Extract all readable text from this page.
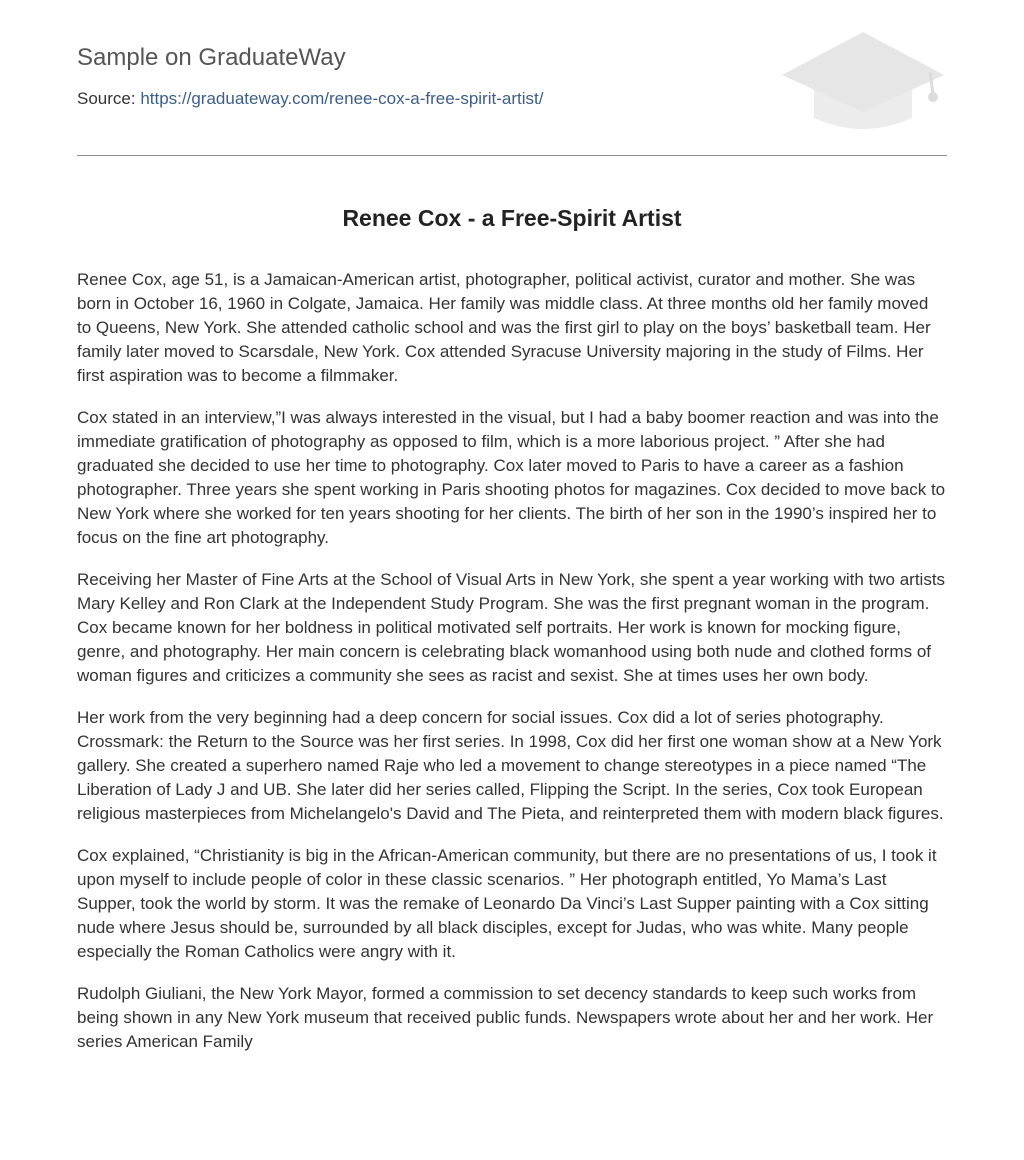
Sample on GraduateWay
Source: https://graduateway.com/renee-cox-a-free-spirit-artist/
Renee Cox - a Free-Spirit Artist

Renee Cox, age 51, is a Jamaican-American artist, photographer, political activist, curator and mother. She was born in October 16, 1960 in Colgate, Jamaica. Her family was middle class. At three months old her family moved to Queens, New York. She attended catholic school and was the first girl to play on the boys’ basketball team. Her family later moved to Scarsdale, New York. Cox attended Syracuse University majoring in the study of Films. Her first aspiration was to become a filmmaker.

Cox stated in an interview,”I was always interested in the visual, but I had a baby boomer reaction and was into the immediate gratification of photography as opposed to film, which is a more laborious project. ” After she had graduated she decided to use her time to photography. Cox later moved to Paris to have a career as a fashion photographer. Three years she spent working in Paris shooting photos for magazines. Cox decided to move back to New York where she worked for ten years shooting for her clients. The birth of her son in the 1990’s inspired her to focus on the fine art photography.

Receiving her Master of Fine Arts at the School of Visual Arts in New York, she spent a year working with two artists Mary Kelley and Ron Clark at the Independent Study Program. She was the first pregnant woman in the program. Cox became known for her boldness in political motivated self portraits. Her work is known for mocking figure, genre, and photography. Her main concern is celebrating black womanhood using both nude and clothed forms of woman figures and criticizes a community she sees as racist and sexist. She at times uses her own body.

Her work from the very beginning had a deep concern for social issues. Cox did a lot of series photography. Crossmark: the Return to the Source was her first series. In 1998, Cox did her first one woman show at a New York gallery. She created a superhero named Raje who led a movement to change stereotypes in a piece named “The Liberation of Lady J and UB. She later did her series called, Flipping the Script. In the series, Cox took European religious masterpieces from Michelangelo's David and The Pieta, and reinterpreted them with modern black figures.

Cox explained, “Christianity is big in the African-American community, but there are no presentations of us, I took it upon myself to include people of color in these classic scenarios. ” Her photograph entitled, Yo Mama’s Last Supper, took the world by storm. It was the remake of Leonardo Da Vinci’s Last Supper painting with a Cox sitting nude where Jesus should be, surrounded by all black disciples, except for Judas, who was white. Many people especially the Roman Catholics were angry with it.

Rudolph Giuliani, the New York Mayor, formed a commission to set decency standards to keep such works from being shown in any New York museum that received public funds. Newspapers wrote about her and her work. Her series American Family
